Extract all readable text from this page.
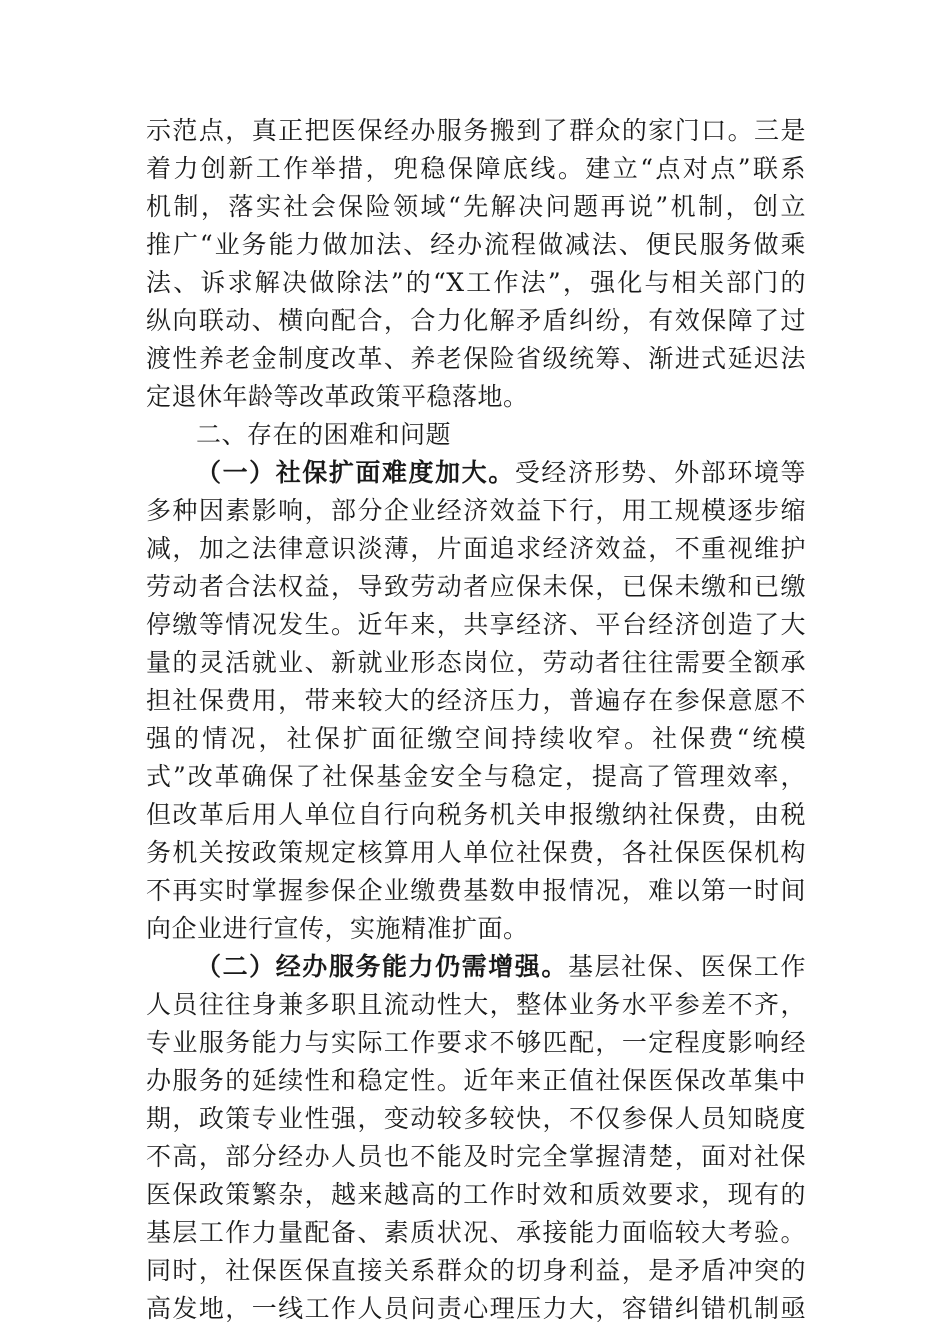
示范点，真正把医保经办服务搬到了群众的家门口。三是
着力创新工作举措，兜稳保障底线。建立“点对点”联系
机制，落实社会保险领域“先解决问题再说”机制，创立
推广“业务能力做加法、经办流程做减法、便民服务做乘
法、诉求解决做除法”的“X工作法”，强化与相关部门的
纵向联动、横向配合，合力化解矛盾纠纷，有效保障了过
渡性养老金制度改革、养老保险省级统筹、渐进式延迟法
定退休年龄等改革政策平稳落地。
二、存在的困难和问题
（一）社保扩面难度加大。受经济形势、外部环境等
多种因素影响，部分企业经济效益下行，用工规模逐步缩
减，加之法律意识淡薄，片面追求经济效益，不重视维护
劳动者合法权益，导致劳动者应保未保，已保未缴和已缴
停缴等情况发生。近年来，共享经济、平台经济创造了大
量的灵活就业、新就业形态岗位，劳动者往往需要全额承
担社保费用，带来较大的经济压力，普遍存在参保意愿不
强的情况，社保扩面征缴空间持续收窄。社保费“统模
式”改革确保了社保基金安全与稳定，提高了管理效率，
但改革后用人单位自行向税务机关申报缴纳社保费，由税
务机关按政策规定核算用人单位社保费，各社保医保机构
不再实时掌握参保企业缴费基数申报情况，难以第一时间
向企业进行宣传，实施精准扩面。
（二）经办服务能力仍需增强。基层社保、医保工作
人员往往身兼多职且流动性大，整体业务水平参差不齐，
专业服务能力与实际工作要求不够匹配，一定程度影响经
办服务的延续性和稳定性。近年来正值社保医保改革集中
期，政策专业性强，变动较多较快，不仅参保人员知晓度
不高，部分经办人员也不能及时完全掌握清楚，面对社保
医保政策繁杂，越来越高的工作时效和质效要求，现有的
基层工作力量配备、素质状况、承接能力面临较大考验。
同时，社保医保直接关系群众的切身利益，是矛盾冲突的
高发地，一线工作人员问责心理压力大，容错纠错机制亟
